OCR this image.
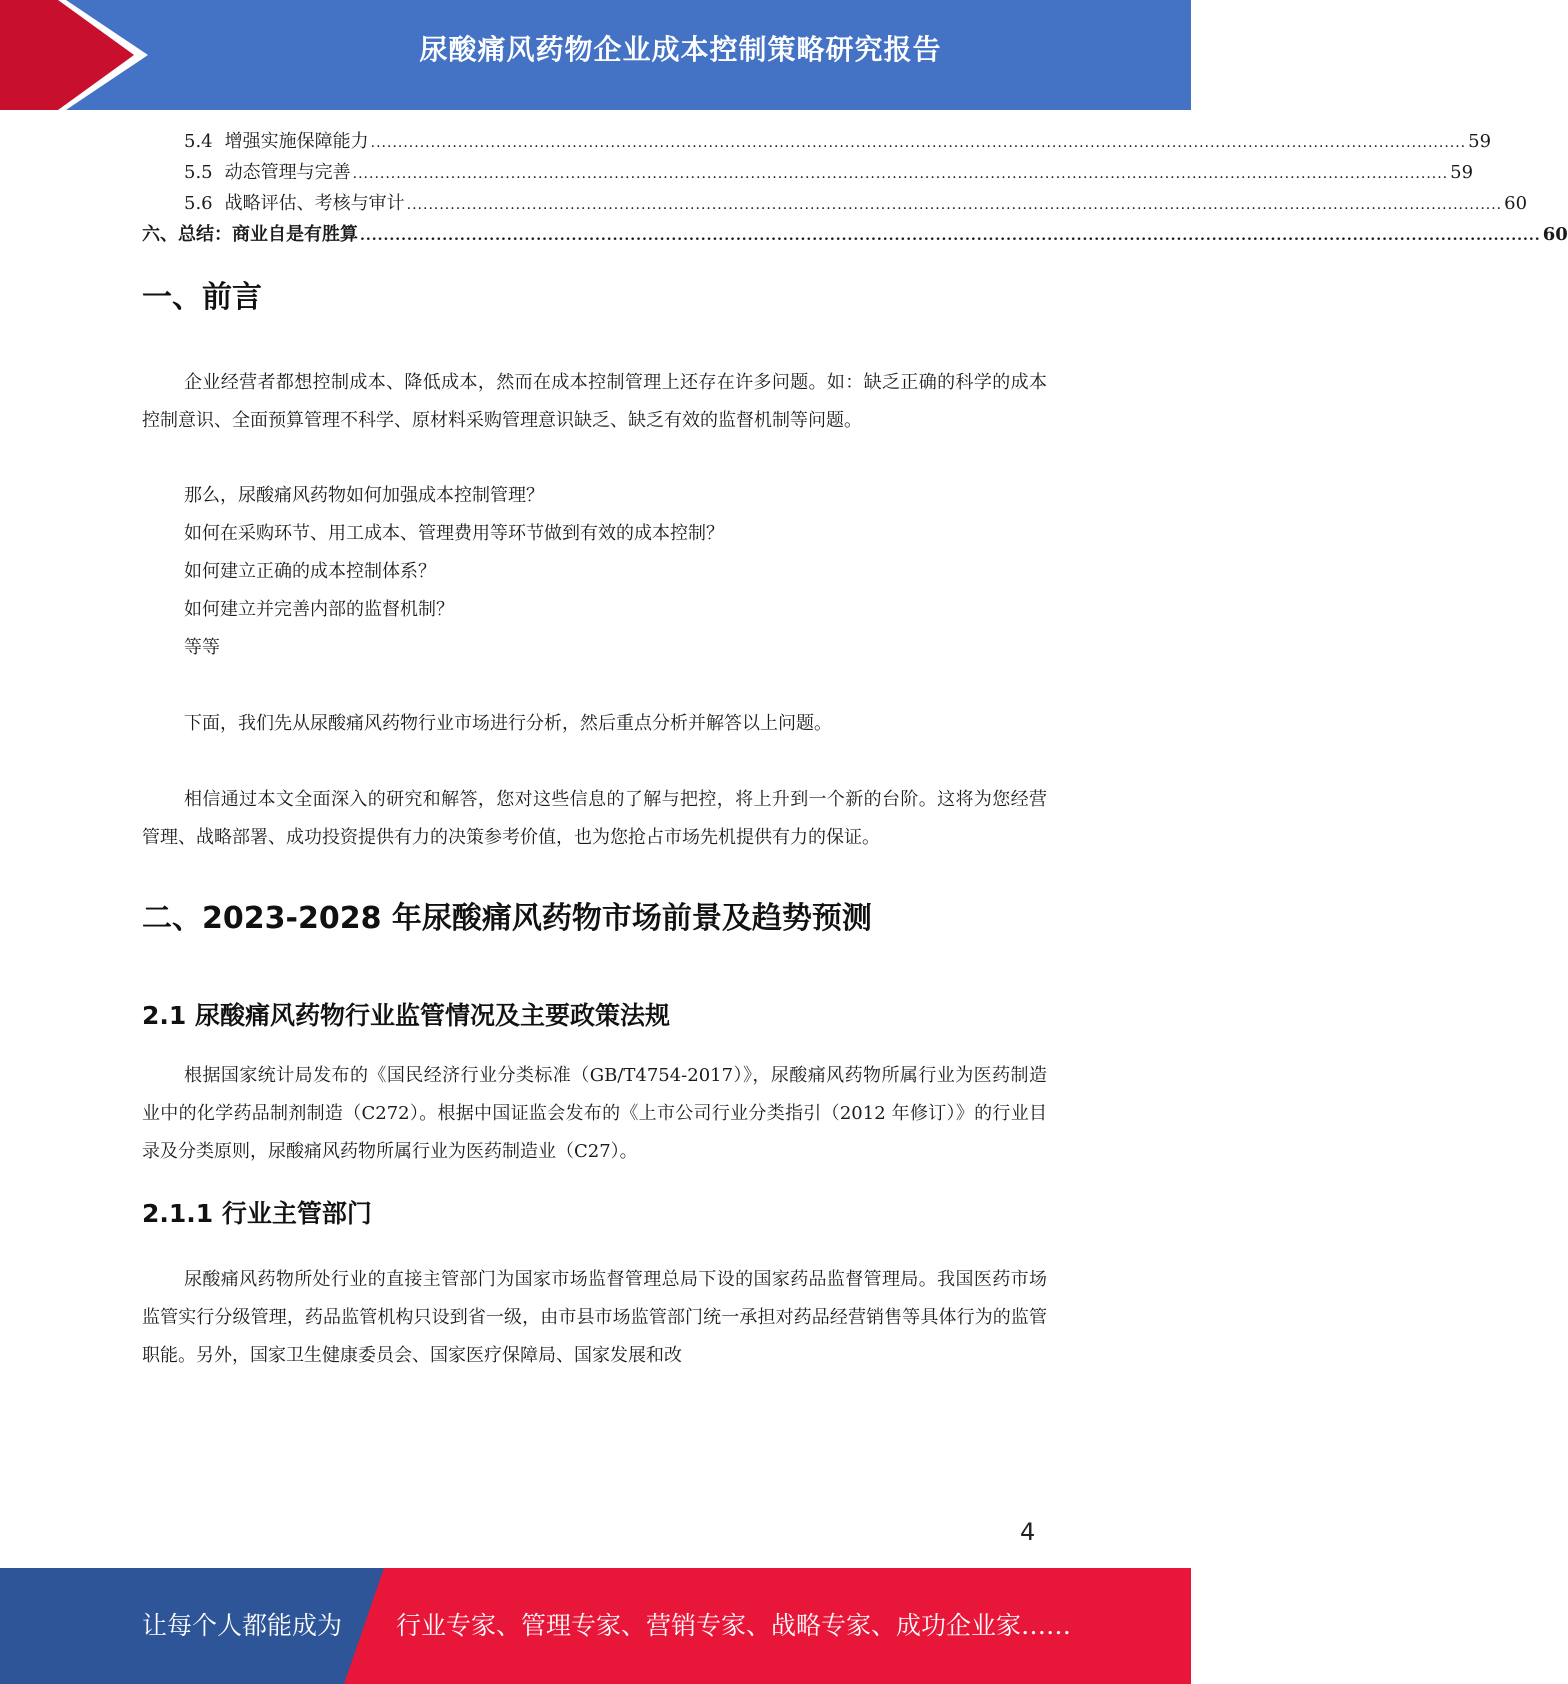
尿酸痛风药物企业成本控制策略研究报告
5.4 增强实施保障能力 ......................................................................................................................................................................................................... 59
5.5 动态管理与完善 ......................................................................................................................................................................................................... 59
5.6 战略评估、考核与审计 ......................................................................................................................................................................................................... 60
六、总结：商业自是有胜算 ......................................................................................................................................................................................................... 60
一、前言

企业经营者都想控制成本、降低成本，然而在成本控制管理上还存在许多问题。如：缺乏正确的科学的成本控制意识、全面预算管理不科学、原材料采购管理意识缺乏、缺乏有效的监督机制等问题。

那么，尿酸痛风药物如何加强成本控制管理？

如何在采购环节、用工成本、管理费用等环节做到有效的成本控制？

如何建立正确的成本控制体系？

如何建立并完善内部的监督机制？

等等

下面，我们先从尿酸痛风药物行业市场进行分析，然后重点分析并解答以上问题。

相信通过本文全面深入的研究和解答，您对这些信息的了解与把控，将上升到一个新的台阶。这将为您经营管理、战略部署、成功投资提供有力的决策参考价值，也为您抢占市场先机提供有力的保证。

二、2023-2028 年尿酸痛风药物市场前景及趋势预测
2.1 尿酸痛风药物行业监管情况及主要政策法规

根据国家统计局发布的《国民经济行业分类标准（GB/T4754-2017）》，尿酸痛风药物所属行业为医药制造业中的化学药品制剂制造（C272）。根据中国证监会发布的《上市公司行业分类指引（2012 年修订）》的行业目录及分类原则，尿酸痛风药物所属行业为医药制造业（C27）。

2.1.1 行业主管部门

尿酸痛风药物所处行业的直接主管部门为国家市场监督管理总局下设的国家药品监督管理局。我国医药市场监管实行分级管理，药品监管机构只设到省一级，由市县市场监管部门统一承担对药品经营销售等具体行为的监管职能。另外，国家卫生健康委员会、国家医疗保障局、国家发展和改

4
让每个人都能成为 行业专家、管理专家、营销专家、战略专家、成功企业家……
